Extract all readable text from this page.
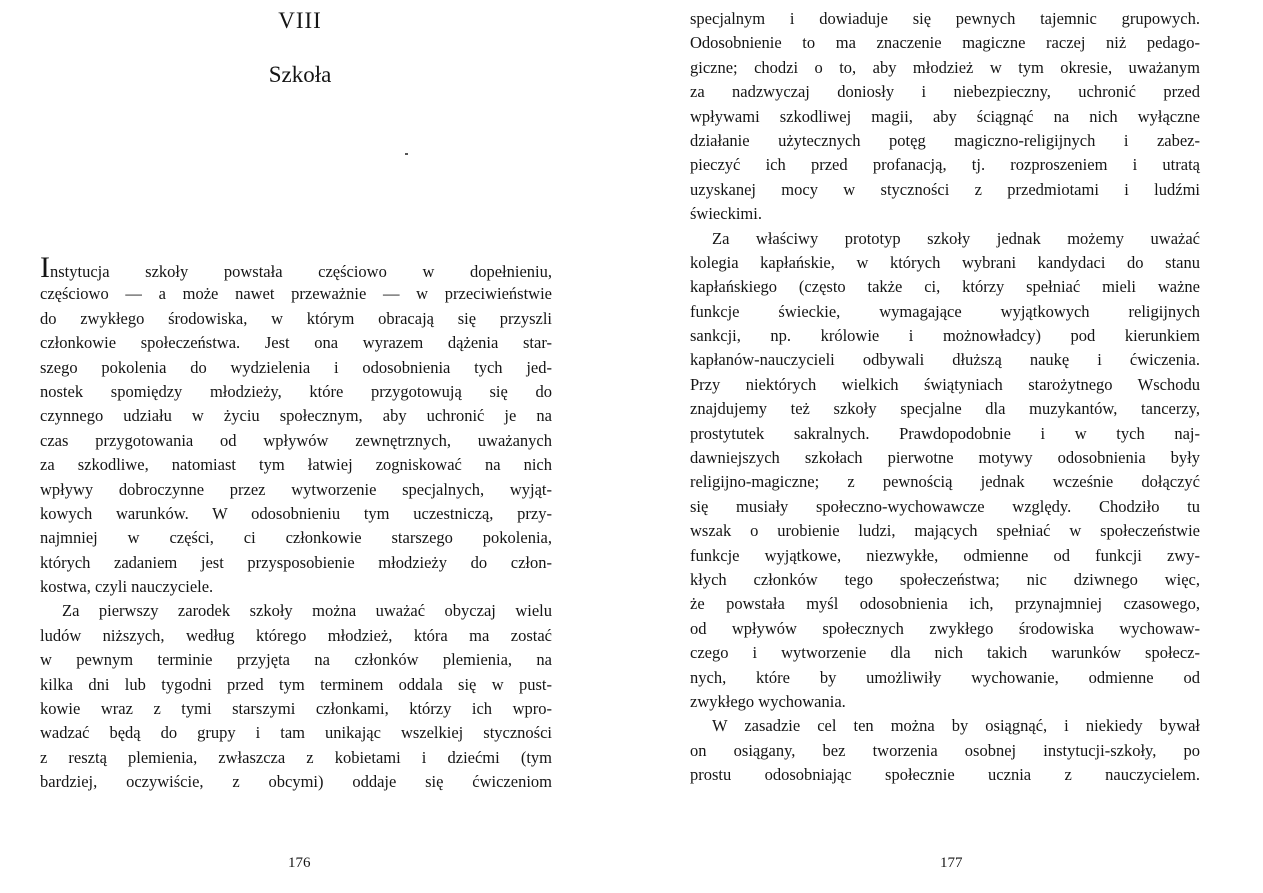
VIII
Szkoła
Instytucja szkoły powstała częściowo w dopełnieniu,
częściowo — a może nawet przeważnie — w przeciwieństwie
do zwykłego środowiska, w którym obracają się przyszli
członkowie społeczeństwa. Jest ona wyrazem dążenia star-
szego pokolenia do wydzielenia i odosobnienia tych jed-
nostek spomiędzy młodzieży, które przygotowują się do
czynnego udziału w życiu społecznym, aby uchronić je na
czas przygotowania od wpływów zewnętrznych, uważanych
za szkodliwe, natomiast tym łatwiej zogniskować na nich
wpływy dobroczynne przez wytworzenie specjalnych, wyjąt-
kowych warunków. W odosobnieniu tym uczestniczą, przy-
najmniej w części, ci członkowie starszego pokolenia,
których zadaniem jest przysposobienie młodzieży do człon-
kostwa, czyli nauczyciele.
Za pierwszy zarodek szkoły można uważać obyczaj wielu
ludów niższych, według którego młodzież, która ma zostać
w pewnym terminie przyjęta na członków plemienia, na
kilka dni lub tygodni przed tym terminem oddala się w pust-
kowie wraz z tymi starszymi członkami, którzy ich wpro-
wadzać będą do grupy i tam unikając wszelkiej styczności
z resztą plemienia, zwłaszcza z kobietami i dziećmi (tym
bardziej, oczywiście, z obcymi) oddaje się ćwiczeniom

176

specjalnym i dowiaduje się pewnych tajemnic grupowych.
Odosobnienie to ma znaczenie magiczne raczej niż pedago-
giczne; chodzi o to, aby młodzież w tym okresie, uważanym
za nadzwyczaj doniosły i niebezpieczny, uchronić przed
wpływami szkodliwej magii, aby ściągnąć na nich wyłączne
działanie użytecznych potęg magiczno-religijnych i zabez-
pieczyć ich przed profanacją, tj. rozproszeniem i utratą
uzyskanej mocy w styczności z przedmiotami i ludźmi
świeckimi.
Za właściwy prototyp szkoły jednak możemy uważać
kolegia kapłańskie, w których wybrani kandydaci do stanu
kapłańskiego (często także ci, którzy spełniać mieli ważne
funkcje świeckie, wymagające wyjątkowych religijnych
sankcji, np. królowie i możnowładcy) pod kierunkiem
kapłanów-nauczycieli odbywali dłuższą naukę i ćwiczenia.
Przy niektórych wielkich świątyniach starożytnego Wschodu
znajdujemy też szkoły specjalne dla muzykantów, tancerzy,
prostytutek sakralnych. Prawdopodobnie i w tych naj-
dawniejszych szkołach pierwotne motywy odosobnienia były
religijno-magiczne; z pewnością jednak wcześnie dołączyć
się musiały społeczno-wychowawcze względy. Chodziło tu
wszak o urobienie ludzi, mających spełniać w społeczeństwie
funkcje wyjątkowe, niezwykłe, odmienne od funkcji zwy-
kłych członków tego społeczeństwa; nic dziwnego więc,
że powstała myśl odosobnienia ich, przynajmniej czasowego,
od wpływów społecznych zwykłego środowiska wychowaw-
czego i wytworzenie dla nich takich warunków społecz-
nych, które by umożliwiły wychowanie, odmienne od
zwykłego wychowania.
W zasadzie cel ten można by osiągnąć, i niekiedy bywał
on osiągany, bez tworzenia osobnej instytucji-szkoły, po
prostu odosobniając społecznie ucznia z nauczycielem.

177
